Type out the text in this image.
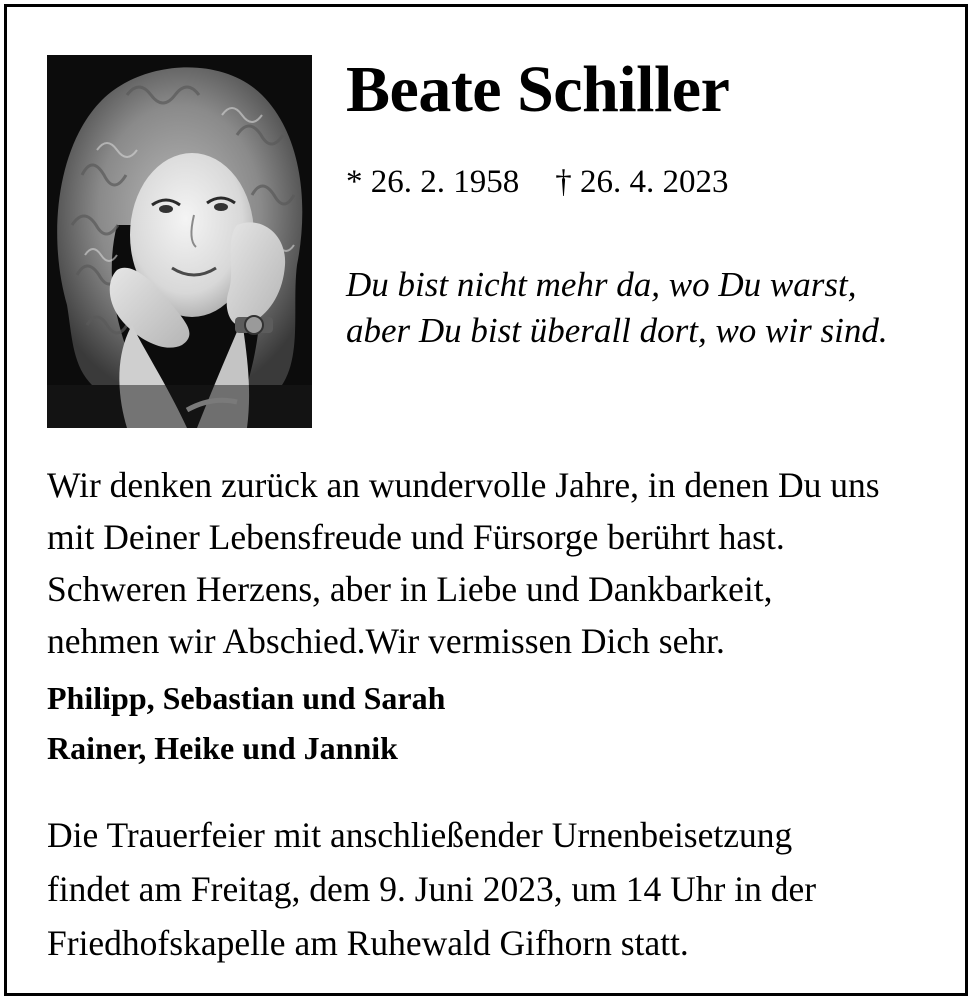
Beate Schiller
* 26. 2. 1958 † 26. 4. 2023
Du bist nicht mehr da, wo Du warst,
aber Du bist überall dort, wo wir sind.
Wir denken zurück an wundervolle Jahre, in denen Du uns
mit Deiner Lebensfreude und Fürsorge berührt hast.
Schweren Herzens, aber in Liebe und Dankbarkeit,
nehmen wir Abschied.Wir vermissen Dich sehr.
Philipp, Sebastian und Sarah
Rainer, Heike und Jannik
Die Trauerfeier mit anschließender Urnenbeisetzung
findet am Freitag, dem 9. Juni 2023, um 14 Uhr in der
Friedhofskapelle am Ruhewald Gifhorn statt.
